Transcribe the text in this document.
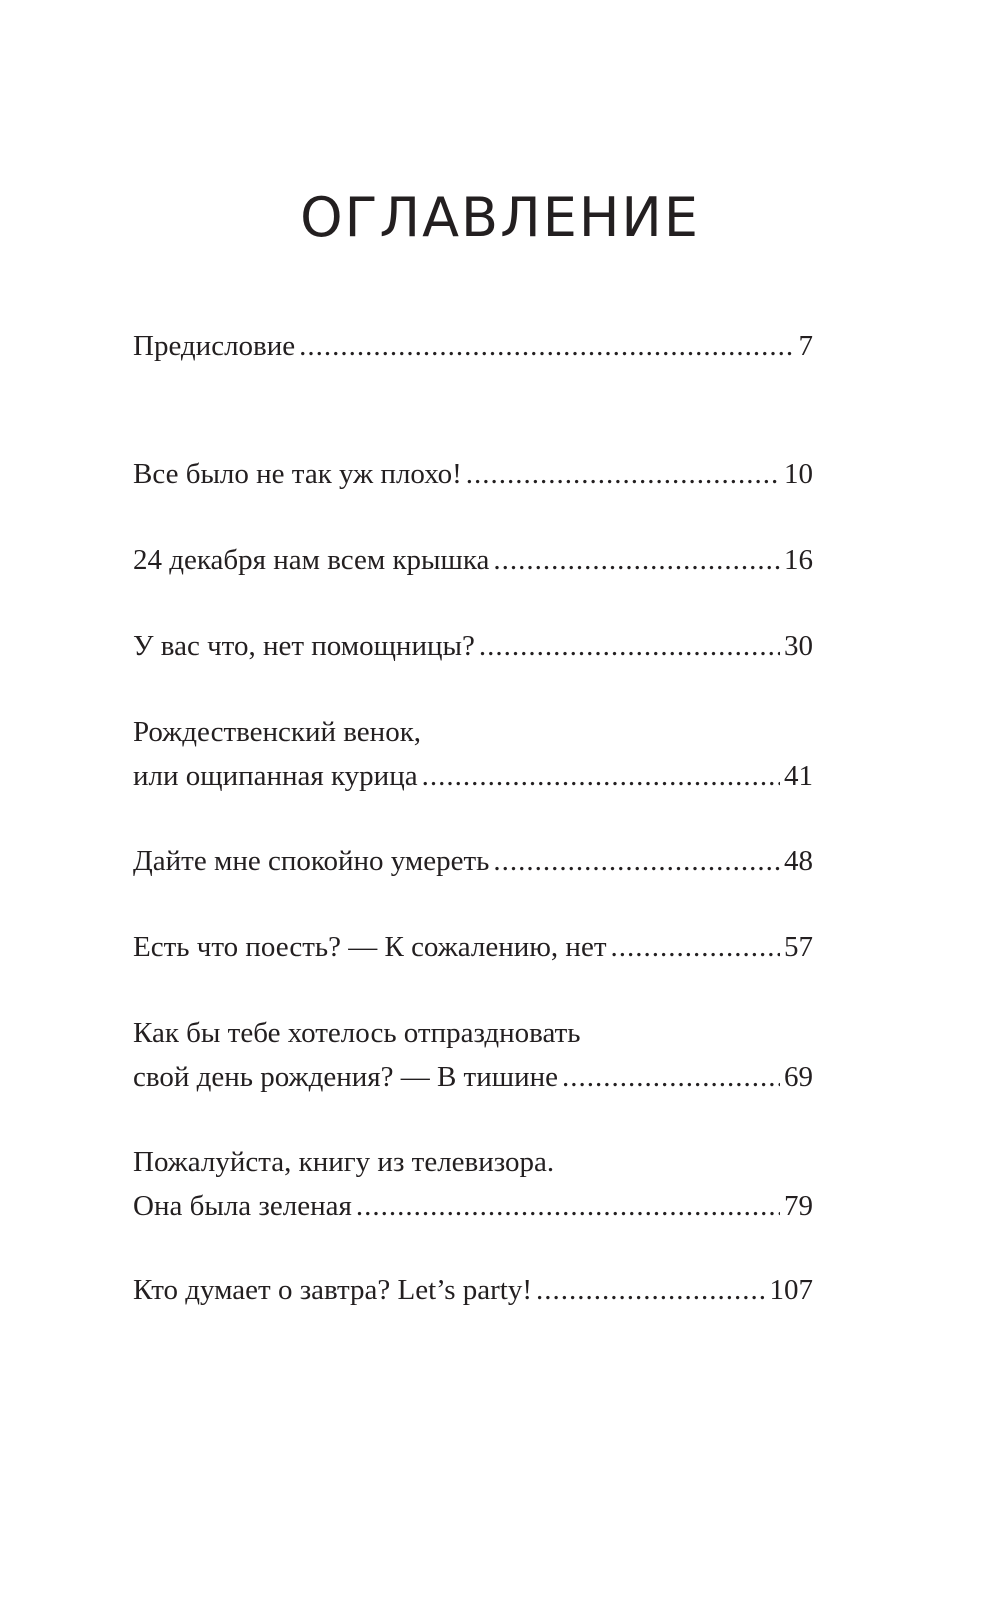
ОГЛАВЛЕНИЕ
Предисловие .....	7
Все было не так уж плохо! .....	10
24 декабря нам всем крышка .....	16
У вас что, нет помощницы? .....	30
Рождественский венок,
или ощипанная курица .....	41
Дайте мне спокойно умереть .....	48
Есть что поесть? — К сожалению, нет .....	57
Как бы тебе хотелось отпраздновать
свой день рождения? — В тишине .....	69
Пожалуйста, книгу из телевизора.
Она была зеленая .....	79
Кто думает о завтра? Let’s party! .....	107
